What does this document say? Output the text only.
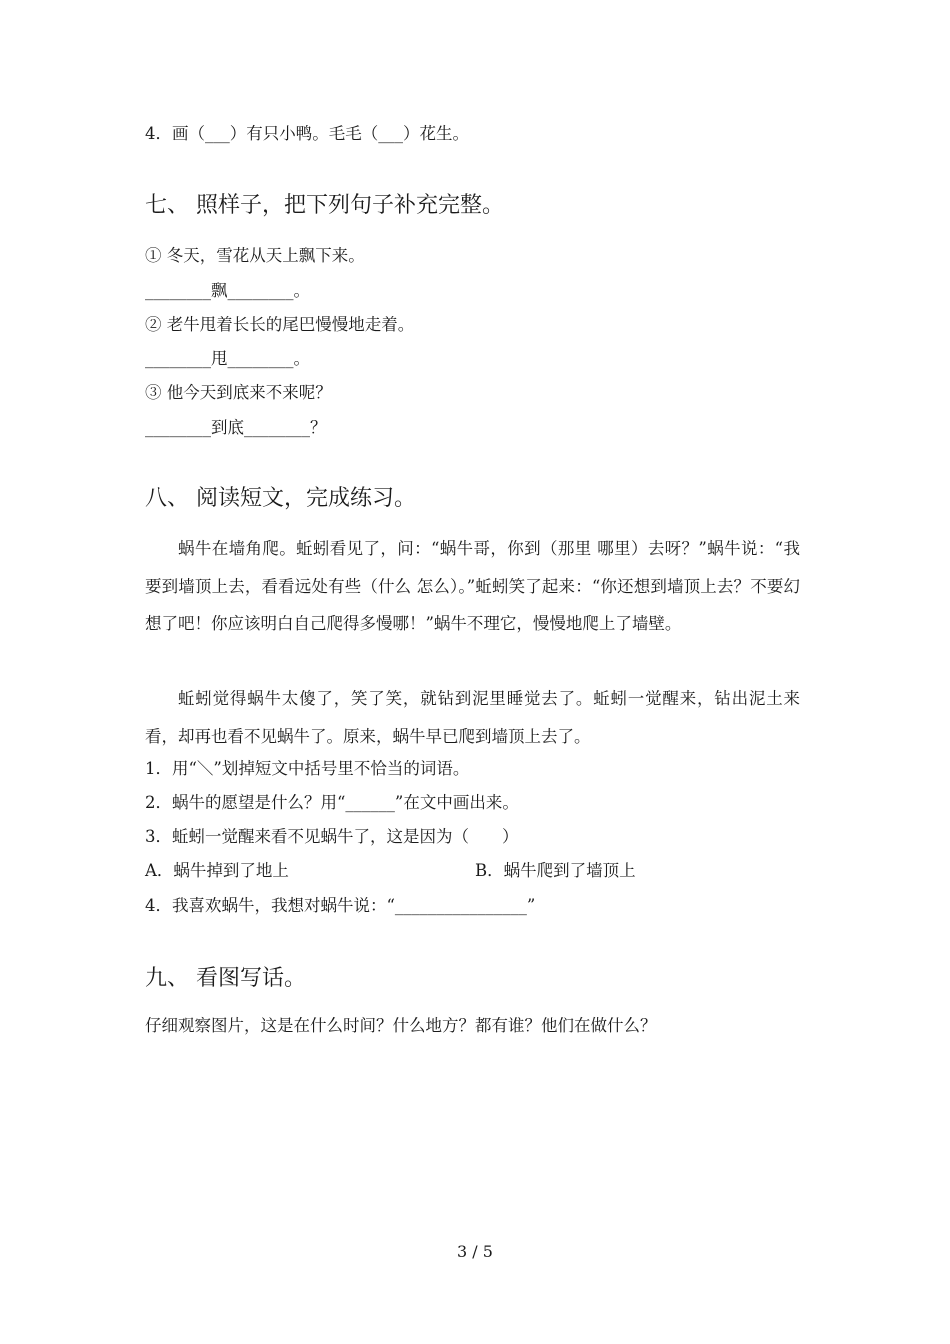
4．画（___）有只小鸭。毛毛（___）花生。
七、 照样子，把下列句子补充完整。
① 冬天，雪花从天上飘下来。
________飘________。
② 老牛甩着长长的尾巴慢慢地走着。
________甩________。
③ 他今天到底来不来呢？
________到底________？
八、 阅读短文，完成练习。
蜗牛在墙角爬。蚯蚓看见了，问：“蜗牛哥，你到（那里 哪里）去呀？”蜗牛说：“我要到墙顶上去，看看远处有些（什么 怎么）。”蚯蚓笑了起来：“你还想到墙顶上去？不要幻想了吧！你应该明白自己爬得多慢哪！”蜗牛不理它，慢慢地爬上了墙壁。
蚯蚓觉得蜗牛太傻了，笑了笑，就钻到泥里睡觉去了。蚯蚓一觉醒来，钻出泥土来看，却再也看不见蜗牛了。原来，蜗牛早已爬到墙顶上去了。
1．用“＼”划掉短文中括号里不恰当的词语。
2．蜗牛的愿望是什么？用“______”在文中画出来。
3．蚯蚓一觉醒来看不见蜗牛了，这是因为（　　）
A．蜗牛掉到了地上	B．蜗牛爬到了墙顶上
4．我喜欢蜗牛，我想对蜗牛说：“________________”
九、 看图写话。
仔细观察图片，这是在什么时间？什么地方？都有谁？他们在做什么？
3 / 5
